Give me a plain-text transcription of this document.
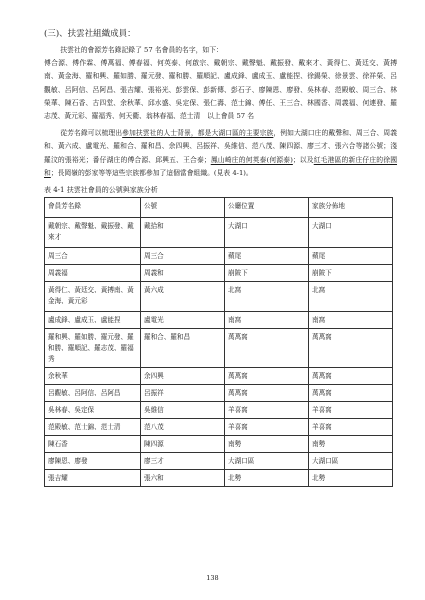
(三)、扶雲社組織成員：
扶雲社的會源芳名錄記錄了 57 名會員的名字，如下：
傅合源、傅作霖、傅萬福、傅春福、何英泰、何啟宗、戴朝宗、戴聲魁、戴振發、戴來才、黃得仁、黃廷交、黃搏南、黃金海、羅和興、羅如勝、羅元發、羅和勝、羅順記、盧成鋒、盧成玉、盧能捏、徐錫榮、徐景雲、徐祥榮、呂觀敏、呂阿信、呂阿昌、張吉耀、張裕光、彭雲保、彭新傳、彭石子、廖陳恩、廖發、吳林春、范殿敏、周三合、林榮華、陳石香、古四堂、余秋華、邱水盛、吳定保、張仁壽、范士錦、傅任、王三合、林國香、周義福、何連發、羅志茂、黃元彩、羅福秀、何天衢、翁林春福、范士清　以上會員 57 名
從芳名錄可以梳理出參加扶雲社的人士背景，都是大湖口區的主要宗族，例如大湖口庄的戴聲和、周三合、周義和、黃六成、盧電光、羅和合、羅和昌、余四興、呂振祥、吳維信、范八茂、陳四源、廖三才、張六合等諸公號；淺羅汶的張裕光；番仔湖庄的傅合源、邱興五、王合泰；鳳山崎庄的何英泰(何源泰)；以及紅毛港區的新庄仔庄的徐國和；長岡嶺的彭家等等這些宗族都參加了這個當會組織。(見表 4-1)。
表 4-1 扶雲社會員的公號與家族分析
會員芳名錄	公號	公廳位置	家族分佈地
戴朝宗、戴聲魁、戴振發、戴來才	戴拾和	大湖口	大湖口
周三合	周三合	蘋尾	蘋尾
周義福	周義和	崩陂下	崩陂下
黃得仁、黃廷交、黃搏南、黃金海、黃元彩	黃六成	北窩	北窩
盧成鋒、盧成玉、盧能捏	盧電光	南窩	南窩
羅和興、羅如勝、羅元發、羅和勝、羅順記、羅志茂、羅福秀	羅和合、羅和昌	萬萬窩	萬萬窩
余秋華	余四興	萬萬窩	萬萬窩
呂觀敏、呂阿信、呂阿昌	呂振祥	萬萬窩	萬萬窩
吳林春、吳定保	吳維信	羊喜窩	羊喜窩
范殿敏、范士錦、范士清	范八茂	羊喜窩	羊喜窩
陳石香	陳四源	南勢	南勢
廖陳恩、廖發	廖三才	大湖口區	大湖口區
張吉耀	張六和	北勢	北勢
138
